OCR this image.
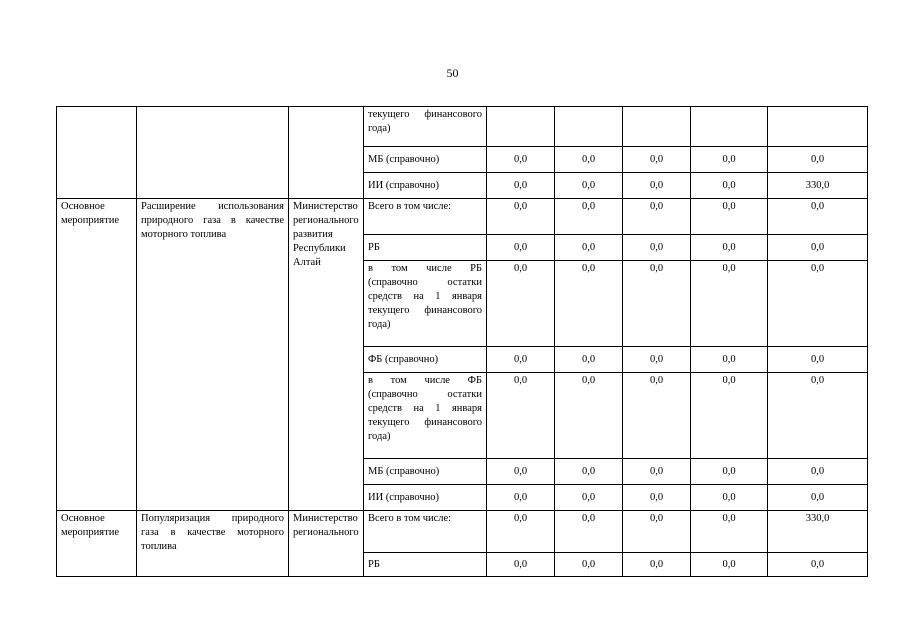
50
			текущего финансового года)					
			МБ (справочно)	0,0	0,0	0,0	0,0	0,0
			ИИ (справочно)	0,0	0,0	0,0	0,0	330,0
Основное мероприятие	Расширение использования природного газа в качестве моторного топлива	Министерство регионального развития Республики Алтай	Всего в том числе:	0,0	0,0	0,0	0,0	0,0
			РБ	0,0	0,0	0,0	0,0	0,0
			в том числе РБ (справочно остатки средств на 1 января текущего финансового года)	0,0	0,0	0,0	0,0	0,0
			ФБ (справочно)	0,0	0,0	0,0	0,0	0,0
			в том числе ФБ (справочно остатки средств на 1 января текущего финансового года)	0,0	0,0	0,0	0,0	0,0
			МБ (справочно)	0,0	0,0	0,0	0,0	0,0
			ИИ (справочно)	0,0	0,0	0,0	0,0	0,0
Основное мероприятие	Популяризация природного газа в качестве моторного топлива	Министерство регионального	Всего в том числе:	0,0	0,0	0,0	0,0	330,0
			РБ	0,0	0,0	0,0	0,0	0,0
